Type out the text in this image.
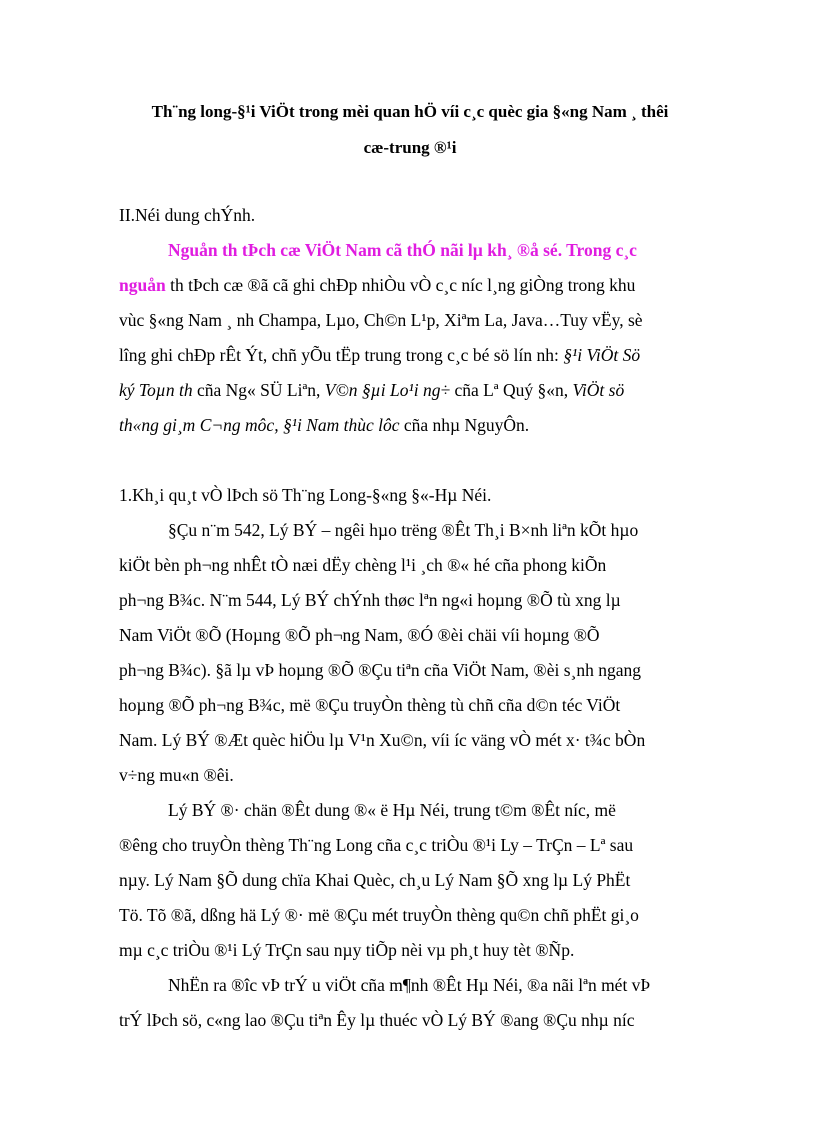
Th¨ng long-§¹i ViÖt trong mèi quan hÖ víi c¸c quèc gia §«ng Nam ¸ thêi
cæ-trung ®¹i
II.Néi dung chÝnh.
Nguån th tÞch cæ ViÖt Nam cã thÓ nãi lµ kh¸ ®å sé. Trong c¸c
nguån th tÞch cæ ®ã cã ghi chÐp nhiÒu vÒ c¸c níc l¸ng giÒng trong khu
vùc §«ng Nam ¸ nh Champa, Lµo, Ch©n L¹p, Xiªm La, Java…Tuy vËy, sè
lîng ghi chÐp rÊt Ýt, chñ yÕu tËp trung trong c¸c bé sö lín nh: §¹i ViÖt Sö
ký Toµn th cña Ng« SÜ Liªn, V©n §µi Lo¹i ng÷ cña Lª Quý §«n, ViÖt sö
th«ng gi¸m C¬ng môc, §¹i Nam thùc lôc cña nhµ NguyÔn.
1.Kh¸i qu¸t vÒ lÞch sö Th¨ng Long-§«ng §«-Hµ Néi.
§Çu n¨m 542, Lý BÝ – ngêi hµo trëng ®Êt Th¸i B×nh liªn kÕt hµo
kiÖt bèn ph¬ng nhÊt tÒ næi dËy chèng l¹i ¸ch ®« hé cña phong kiÕn
ph¬ng B¾c. N¨m 544, Lý BÝ chÝnh thøc lªn ng«i hoµng ®Õ tù xng lµ
Nam ViÖt ®Õ (Hoµng ®Õ ph¬ng Nam, ®Ó ®èi chäi víi hoµng ®Õ
ph¬ng B¾c). §ã lµ vÞ hoµng ®Õ ®Çu tiªn cña ViÖt Nam, ®èi s¸nh ngang
hoµng ®Õ ph¬ng B¾c, më ®Çu truyÒn thèng tù chñ cña d©n téc ViÖt
Nam. Lý BÝ ®Æt quèc hiÖu lµ V¹n Xu©n, víi íc väng vÒ mét x· t¾c bÒn
v÷ng mu«n ®êi.
Lý BÝ ®· chän ®Êt dung ®« ë Hµ Néi, trung t©m ®Êt níc, më
®êng cho truyÒn thèng Th¨ng Long cña c¸c triÒu ®¹i Ly – TrÇn – Lª sau
nµy. Lý Nam §Õ dung chïa Khai Quèc, ch¸u Lý Nam §Õ xng lµ Lý PhËt
Tö. Tõ ®ã, dßng hä Lý ®· më ®Çu mét truyÒn thèng qu©n chñ phËt gi¸o
mµ c¸c triÒu ®¹i Lý TrÇn sau nµy tiÕp nèi vµ ph¸t huy tèt ®Ñp.
NhËn ra ®îc vÞ trÝ u viÖt cña m¶nh ®Êt Hµ Néi, ®a nãi lªn mét vÞ
trÝ lÞch sö, c«ng lao ®Çu tiªn Êy lµ thuéc vÒ Lý BÝ ®ang ®Çu nhµ níc
